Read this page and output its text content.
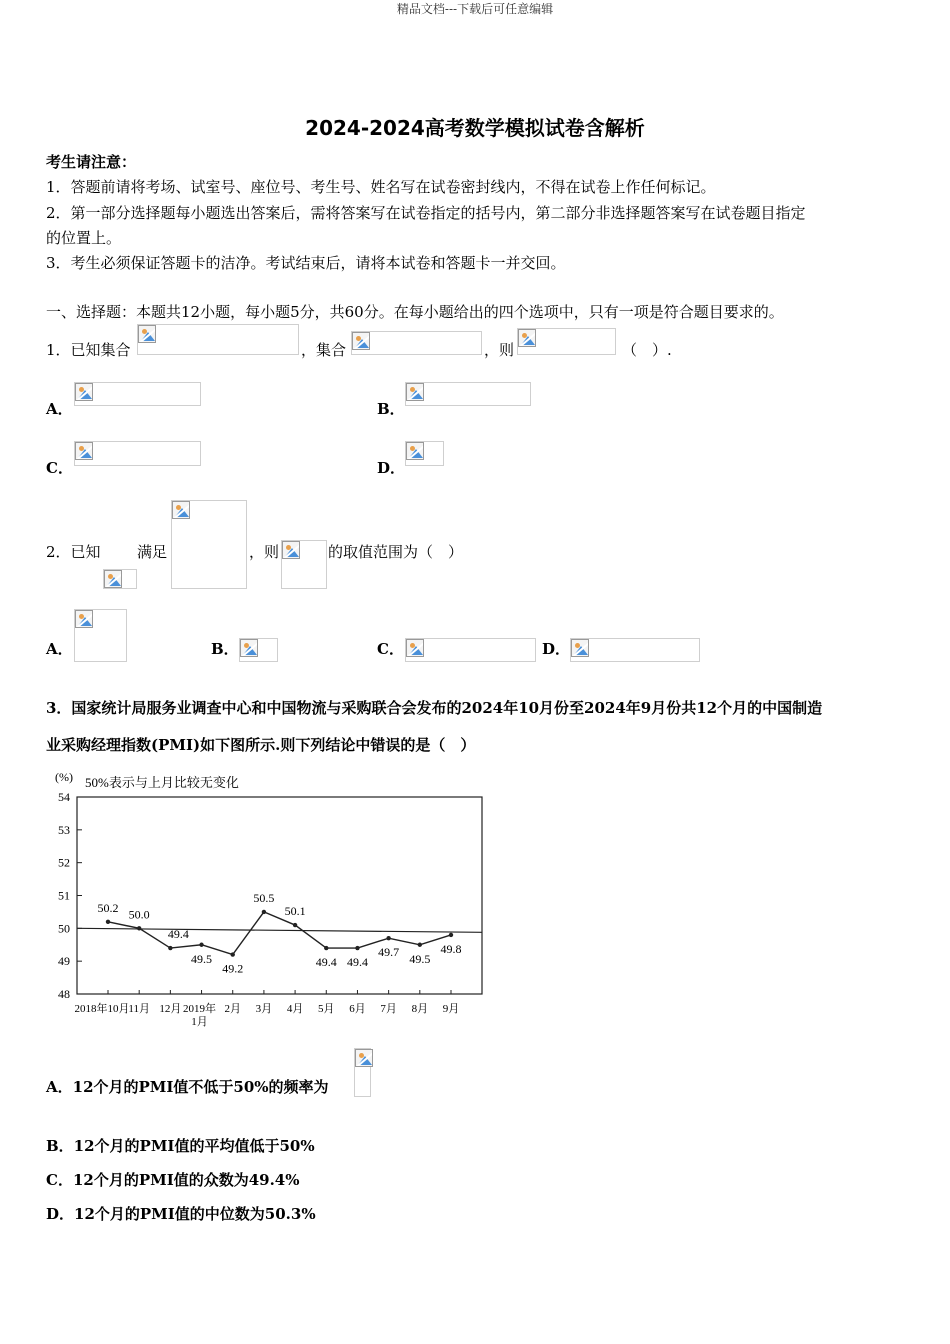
精品文档---下载后可任意编辑
2024-2024高考数学模拟试卷含解析
考生请注意：
1．答题前请将考场、试室号、座位号、考生号、姓名写在试卷密封线内，不得在试卷上作任何标记。
2．第一部分选择题每小题选出答案后，需将答案写在试卷指定的括号内，第二部分非选择题答案写在试卷题目指定
的位置上。
3．考生必须保证答题卡的洁净。考试结束后，请将本试卷和答题卡一并交回。
一、选择题：本题共12小题，每小题5分，共60分。在每小题给出的四个选项中，只有一项是符合题目要求的。
1．已知集合	，集合	，则	（　）.
A．	B．
C．	D．
2．已知 满足	，则	的取值范围为（　）
A．	B．	C．	D．
3．国家统计局服务业调查中心和中国物流与采购联合会发布的2024年10月份至2024年9月份共12个月的中国制造
业采购经理指数(PMI)如下图所示.则下列结论中错误的是（　）
54
53
52
51
50
49
48
(%) 50%表示与上月比较无变化
50.2 50.0
49.4
49.5
49.2
50.5
50.1
49.4 49.4
49.7 49.5
49.8
2018年10月
11月 12月 2019年
1月
2月 3月 4月 5月 6月 7月 8月 9月
A．12个月的PMI值不低于50%的频率为
B．12个月的PMI值的平均值低于50%
C．12个月的PMI值的众数为49.4%
D．12个月的PMI值的中位数为50.3%
